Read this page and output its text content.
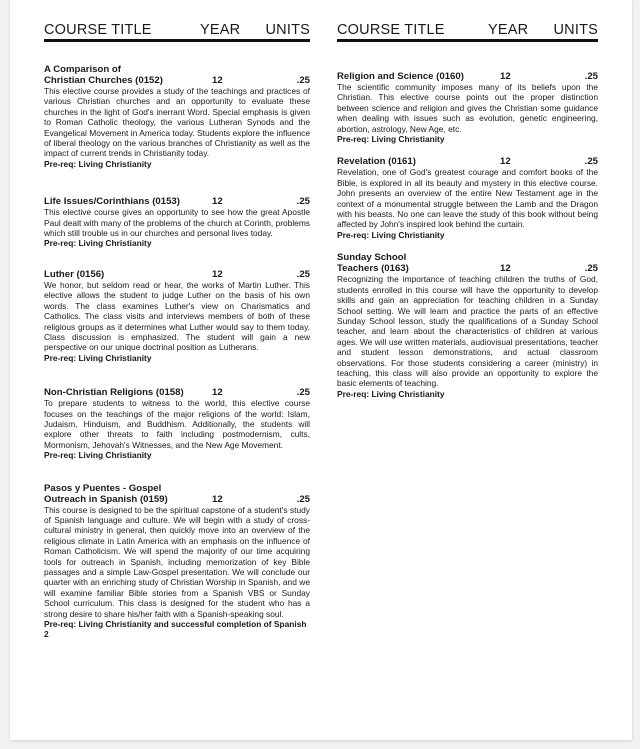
COURSE TITLE	YEAR	UNITS
A Comparison of
Christian Churches (0152)	12	.25

This elective course provides a study of the teachings and practices of various Christian churches and an opportunity to evaluate these churches in the light of God's inerrant Word. Special emphasis is given to Roman Catholic theology, the various Lutheran Synods and the Evangelical Movement in America today. Students explore the influence of liberal theology on the various branches of Christianity as well as the impact of current trends in Christianity today.

Pre-req: Living Christianity
Life Issues/Corinthians (0153)	12	.25

This elective course gives an opportunity to see how the great Apostle Paul dealt with many of the problems of the church at Corinth, problems which still trouble us in our churches and personal lives today.

Pre-req: Living Christianity
Luther (0156)	12	.25

We honor, but seldom read or hear, the works of Martin Luther. This elective allows the student to judge Luther on the basis of his own words. The class examines Luther's view on Charismatics and Catholics. The class visits and interviews members of both of these religious groups as it determines what Luther would say to them today. Class discussion is emphasized. The student will gain a new perspective on our unique doctrinal position as Lutherans.

Pre-req: Living Christianity
Non-Christian Religions (0158)	12	.25

To prepare students to witness to the world, this elective course focuses on the teachings of the major religions of the world: Islam, Judaism, Hinduism, and Buddhism. Additionally, the students will explore other threats to faith including postmodernism, cults, Mormonism, Jehovah's Witnesses, and the New Age Movement.

Pre-req: Living Christianity
Pasos y Puentes - Gospel
Outreach in Spanish (0159)	12	.25

This course is designed to be the spiritual capstone of a student's study of Spanish language and culture. We will begin with a study of cross-cultural ministry in general, then quickly move into an overview of the religious climate in Latin America with an emphasis on the influence of Roman Catholicism. We will spend the majority of our time acquiring tools for outreach in Spanish, including memorization of key Bible passages and a simple Law-Gospel presentation. We will conclude our quarter with an enriching study of Christian Worship in Spanish, and we will examine familiar Bible stories from a Spanish VBS or Sunday School curriculum. This class is designed for the student who has a strong desire to share his/her faith with a Spanish-speaking soul.

Pre-req: Living Christianity and successful completion of Spanish 2
COURSE TITLE	YEAR	UNITS
Religion and Science (0160)	12	.25

The scientific community imposes many of its beliefs upon the Christian. This elective course points out the proper distinction between science and religion and gives the Christian some guidance when dealing with issues such as evolution, genetic engineering, abortion, astrology, New Age, etc.

Pre-req: Living Christianity
Revelation (0161)	12	.25

Revelation, one of God's greatest courage and comfort books of the Bible, is explored in all its beauty and mystery in this elective course. John presents an overview of the entire New Testament age in the context of a monumental struggle between the Lamb and the Dragon with his beasts. No one can leave the study of this book without being affected by John's inspired look behind the curtain.

Pre-req: Living Christianity
Sunday School
Teachers (0163)	12	.25

Recognizing the importance of teaching children the truths of God, students enrolled in this course will have the opportunity to develop skills and gain an appreciation for teaching children in a Sunday School setting. We will learn and practice the parts of an effective Sunday School lesson, study the qualifications of a Sunday School teacher, and learn about the characteristics of children at various ages. We will use written materials, audiovisual presentations, teacher and student lesson demonstrations, and actual classroom observations. For those students considering a career (ministry) in teaching, this class will also provide an opportunity to explore the basic elements of teaching.

Pre-req: Living Christianity
